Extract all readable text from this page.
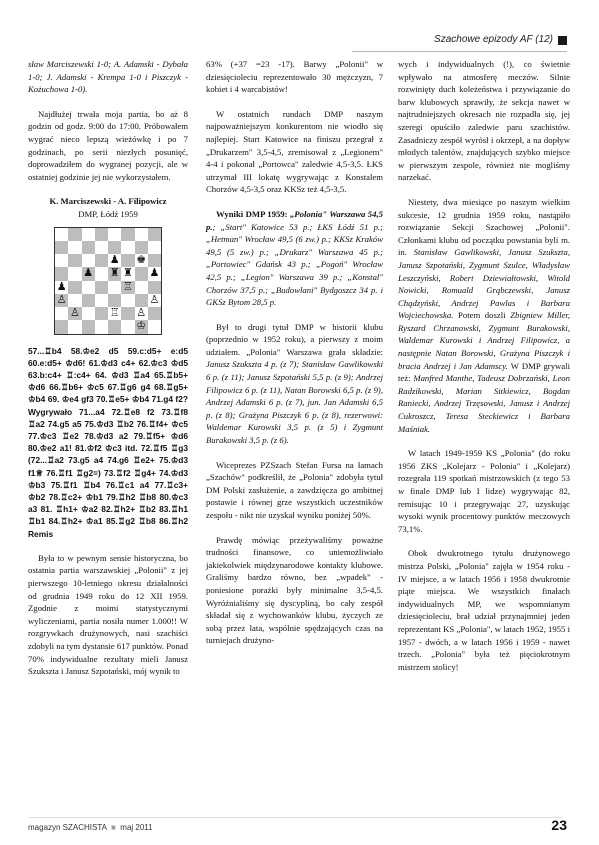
Szachowe epizody AF (12)

sław Marciszewski 1-0; A. Adamski - Dybała 1-0; J. Adamski - Krempa 1-0 i Piszczyk - Kożuchowa 1-0).

Najdłużej trwała moja partia, bo aż 8 godzin od godz. 9:00 do 17:00. Próbowałem wygrać nieco lepszą wieżówkę i po 7 godzinach, po serii niezłych posunięć, doprowadziłem do wygranej pozycji, ale w ostatniej godzinie jej nie wykorzystałem.

K. Marciszewski - A. Filipowicz
DMP, Łódź 1959
♟ ♚
♟ ♜ ♜ ♟
♟	♖
♙	♙
♙	♖ ♙
♔

57...♖b4 58.♔e2 d5 59.c:d5+ e:d5 60.e:d5+ ♔d6! 61.♔d3 c4+ 62.♔c3 ♔d5 63.b:c4+ ♖:c4+ 64. ♔d3 ♖a4 65.♖b5+ ♔d6 66.♖b6+ ♔c5 67.♖g6 g4 68.♖g5+ ♔b4 69. ♔e4 gf3 70.♖e5+ ♔b4 71.g4 f2? Wygrywało 71...a4 72.♖e8 f2 73.♖f8 ♖a2 74.g5 a5 75.♔d3 ♖b2 76.♖f4+ ♔c5 77.♔c3 ♖e2 78.♔d3 a2 79.♖f5+ ♔d6 80.♔e2 a1! 81.♔f2 ♔c3 itd. 72.♖f5 ♖g3 (72...♖a2 73.g5 a4 74.g6 ♖e2+ 75.♔d3 f1♕ 76.♖f1 ♖g2=) 73.♖f2 ♖g4+ 74.♔d3 ♔b3 75.♖f1 ♖b4 76.♖c1 a4 77.♖c3+ ♔b2 78.♖c2+ ♔b1 79.♖h2 ♖b8 80.♔c3 a3 81. ♖h1+ ♔a2 82.♖h2+ ♖b2 83.♖h1 ♖b1 84.♖h2+ ♔a1 85.♖g2 ♖b8 86.♖h2 Remis

Była to w pewnym sensie historyczna, bo ostatnia partia warszawskiej „Polonii" z jej pierwszego 10-letniego okresu działalności od grudnia 1949 roku do 12 XII 1959. Zgodnie z moimi statystycznymi wyliczeniami, partia nosiła numer 1.000!! W rozgrywkach drużynowych, nasi szachiści zdobyli na tym dystansie 617 punktów. Ponad 70% indywidualne rezultaty mieli Janusz Szukszta i Janusz Szpotański, mój wynik to

63% (+37 =23 -17). Barwy „Polonii" w dziesięcioleciu reprezentowało 30 mężczyzn, 7 kobiet i 4 warcabistów!

W ostatnich rundach DMP naszym najpoważniejszym konkurentom nie wiodło się najlepiej. Start Katowice na finiszu przegrał z „Drukarzem" 3,5-4,5, zremisował z „Legionem" 4-4 i pokonał „Portowca" zaledwie 4,5-3,5. ŁKS utrzymał III lokatę wygrywając z Konstalem Chorzów 4,5-3,5 oraz KKSz też 4,5-3,5.

Wyniki DMP 1959: „Polonia" Warszawa 54,5 p.; „Start" Katowice 53 p.; ŁKS Łódź 51 p.; „Hetman" Wrocław 49,5 (6 zw.) p.; KKSz Kraków 49,5 (5 zw.) p.; „Drukarz" Warszawa 45 p.; „Portowiec" Gdańsk 43 p.; „Pogoń" Wrocław 42,5 p.; „Legion" Warszawa 39 p.; „Konstal" Chorzów 37,5 p.; „Budowlani" Bydgoszcz 34 p. i GKSz Bytom 28,5 p.

Był to drugi tytuł DMP w historii klubu (poprzednio w 1952 roku), a pierwszy z moim udziałem. „Polonia" Warszawa grała składzie: Janusz Szukszta 4 p. (z 7); Stanisław Gawlikowski 6 p. (z 11); Janusz Szpotański 5,5 p. (z 9); Andrzej Filipowicz 6 p. (z 11), Natan Borowski 6,5 p. (z 9), Andrzej Adamski 6 p. (z 7), jun. Jan Adamski 6,5 p. (z 8); Grażyna Piszczyk 6 p. (z 8), rezerwowi: Waldemar Kurowski 3,5 p. (z 5) i Zygmunt Burakowski 3,5 p. (z 6).

Wiceprezes PZSzach Stefan Fursa na łamach „Szachów" podkreślił, że „Polonia" zdobyła tytuł DM Polski zasłużenie, a zawdzięcza go ambitnej postawie i równej grze wszystkich uczestników zespołu - nikt nie uzyskał wyniku poniżej 50%.

Prawdę mówiąc przeżywaliśmy poważne trudności finansowe, co uniemożliwiało jakiekolwiek międzynarodowe kontakty klubowe. Graliśmy bardzo równo, bez „wpadek" - poniesione porażki były minimalne 3,5-4,5. Wyróżnialiśmy się dyscypliną, bo cały zespół składał się z wychowanków klubu, życzych ze sobą przez lata, wspólnie spędzających czas na turniejach drużyno-

wych i indywidualnych (!), co świetnie wpływało na atmosferę meczów. Silnie rozwinięty duch koleżeństwa i przywiązanie do barw klubowych sprawiły, że sekcja nawet w najtrudniejszych okresach nie rozpadła się, jej szeregi opuściło zaledwie paru szachistów. Zasadniczy zespół wyrósł i okrzepł, a na dopływ młodych talentów, znajdujących szybko miejsce w pierwszym zespole, również nie mogliśmy narzekać.

Niestety, dwa miesiące po naszym wielkim sukcesie, 12 grudnia 1959 roku, nastąpiło rozwiązanie Sekcji Szachowej „Polonii". Członkami klubu od początku powstania byli m. in. Stanisław Gawlikowski, Janusz Szukszta, Janusz Szpotański, Zygmunt Szulce, Władysław Leszczyński, Robert Dziewiałtowski, Witold Nowicki, Romuald Grąbczewski, Janusz Chądzyński, Andrzej Pawlas i Barbara Wojciechowska. Potem doszli Zbigniew Miller, Ryszard Chrzanowski, Zygmunt Burakowski, Waldemar Kurowski i Andrzej Filipowicz, a następnie Natan Borowski, Grażyna Piszczyk i bracia Andrzej i Jan Adamscy. W DMP grywali też: Manfred Manthe, Tadeusz Dobrzański, Leon Radzikowski, Marian Sitkiewicz, Bogdan Raniecki, Andrzej Trzęsowski, Janusz i Andrzej Cukroszcz, Teresa Steckiewicz i Barbara Maśniak.

W latach 1949-1959 KS „Polonia" (do roku 1956 ZKS „Kolejarz - Polonia" i „Kolejarz) rozegrała 119 spotkań mistrzowskich (z tego 53 w finale DMP lub I lidze) wygrywając 82, remisując 10 i przegrywając 27, uzyskując wysoki wynik procentowy punktów meczowych 73,1%.

Obok dwukrotnego tytułu drużynowego mistrza Polski, „Polonia" zajęła w 1954 roku - IV miejsce, a w latach 1956 i 1958 dwukrotnie piąte miejsca. We wszystkich finałach indywidualnych MP, we wspomnianym dziesięcioleciu, brał udział przynajmniej jeden reprezentant KS „Polonia", w latach 1952, 1955 i 1957 - dwóch, a w latach 1956 i 1959 - nawet trzech. „Polonia" była też pięciokrotnym mistrzem stolicy!

magazyn SZACHISTA  ■  maj 2011	23
